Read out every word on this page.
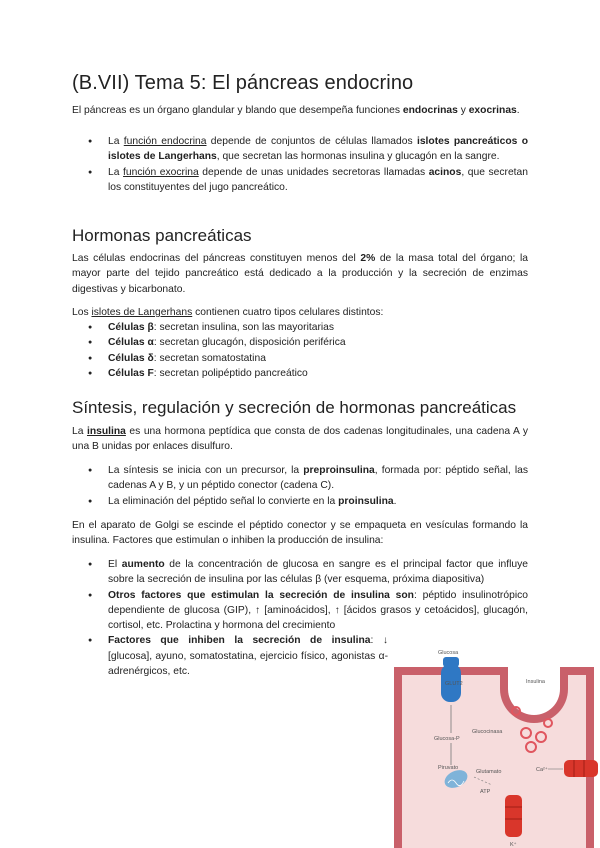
(B.VII) Tema 5: El páncreas endocrino

El páncreas es un órgano glandular y blando que desempeña funciones endocrinas y exocrinas.

● La función endocrina depende de conjuntos de células llamados islotes pancreáticos o islotes de Langerhans, que secretan las hormonas insulina y glucagón en la sangre.
● La función exocrina depende de unas unidades secretoras llamadas acinos, que secretan los constituyentes del jugo pancreático.
Hormonas pancreáticas

Las células endocrinas del páncreas constituyen menos del 2% de la masa total del órgano; la mayor parte del tejido pancreático está dedicado a la producción y la secreción de enzimas digestivas y bicarbonato.

Los islotes de Langerhans contienen cuatro tipos celulares distintos:

● Células β: secretan insulina, son las mayoritarias
● Células α: secretan glucagón, disposición periférica
● Células δ: secretan somatostatina
● Células F: secretan polipéptido pancreático
Síntesis, regulación y secreción de hormonas pancreáticas

La insulina es una hormona peptídica que consta de dos cadenas longitudinales, una cadena A y una B unidas por enlaces disulfuro.

● La síntesis se inicia con un precursor, la preproinsulina, formada por: péptido señal, las cadenas A y B, y un péptido conector (cadena C).
● La eliminación del péptido señal lo convierte en la proinsulina.

En el aparato de Golgi se escinde el péptido conector y se empaqueta en vesículas formando la insulina. Factores que estimulan o inhiben la producción de insulina:

● El aumento de la concentración de glucosa en sangre es el principal factor que influye sobre la secreción de insulina por las células β (ver esquema, próxima diapositiva)
● Otros factores que estimulan la secreción de insulina son: péptido insulinotrópico dependiente de glucosa (GIP), ↑ [aminoácidos], ↑ [ácidos grasos y cetoácidos], glucagón, cortisol, etc. Prolactina y hormona del crecimiento
● Factores que inhiben la secreción de insulina: ↓ [glucosa], ayuno, somatostatina, ejercicio físico, agonistas α-adrenérgicos, etc.
GLUT2
Glucosa
Insulina
Glucosa-P
Glucocinasa
Piruvato
Glutamato
ATP
Ca²⁺
K⁺
